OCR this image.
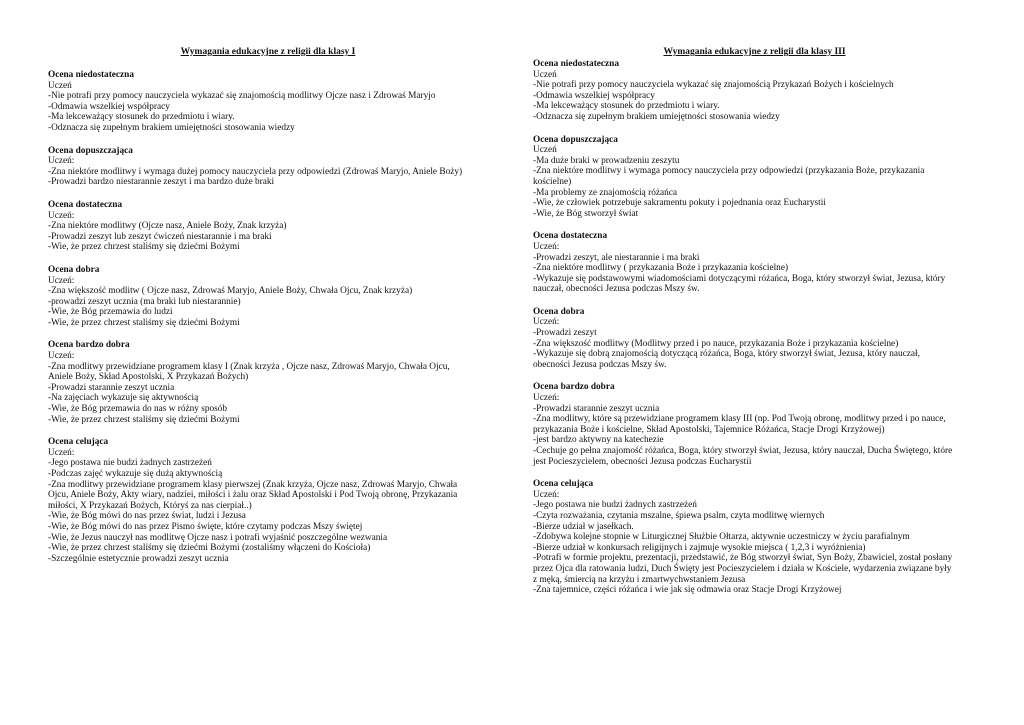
Wymagania edukacyjne z religii dla klasy I
Ocena niedostateczna
Uczeń
-Nie potrafi przy pomocy nauczyciela wykazać się znajomością modlitwy Ojcze nasz i Zdrowaś Maryjo
-Odmawia wszelkiej współpracy
-Ma lekceważący stosunek do przedmiotu i wiary.
-Odznacza się zupełnym brakiem umiejętności stosowania wiedzy
Ocena dopuszczająca
Uczeń:
-Zna niektóre modlitwy i wymaga dużej pomocy nauczyciela przy odpowiedzi (Zdrowaś Maryjo, Aniele Boży)
-Prowadzi bardzo niestarannie zeszyt i ma bardzo duże braki
Ocena dostateczna
Uczeń:
-Zna niektóre modlitwy (Ojcze nasz, Aniele Boży, Znak krzyża)
-Prowadzi zeszyt lub zeszyt ćwiczeń niestarannie i ma braki
-Wie, że przez chrzest staliśmy się dziećmi Bożymi
Ocena dobra
Uczeń:
-Zna większość modlitw ( Ojcze nasz, Zdrowaś Maryjo, Aniele Boży, Chwała Ojcu, Znak krzyża)
-prowadzi zeszyt ucznia (ma braki lub niestarannie)
-Wie, że Bóg przemawia do ludzi
-Wie, że przez chrzest staliśmy się dziećmi Bożymi
Ocena bardzo dobra
Uczeń:
-Zna modlitwy przewidziane programem klasy I (Znak krzyża , Ojcze nasz, Zdrowaś Maryjo, Chwała Ojcu,
Aniele Boży, Skład Apostolski, X Przykazań Bożych)
-Prowadzi starannie zeszyt ucznia
-Na zajęciach wykazuje się aktywnością
-Wie, że Bóg przemawia do nas w różny sposób
-Wie, że przez chrzest staliśmy się dziećmi Bożymi
Ocena celująca
Uczeń:
-Jego postawa nie budzi żadnych zastrzeżeń
-Podczas zajęć wykazuje się dużą aktywnością
-Zna modlitwy przewidziane programem klasy pierwszej (Znak krzyża, Ojcze nasz, Zdrowaś Maryjo, Chwała
Ojcu, Aniele Boży, Akty wiary, nadziei, miłości i żalu oraz Skład Apostolski i Pod Twoją obronę, Przykazania
miłości, X Przykazań Bożych, Któryś za nas cierpiał..)
-Wie, że Bóg mówi do nas przez świat, ludzi i Jezusa
-Wie, że Bóg mówi do nas przez Pismo święte, które czytamy podczas Mszy świętej
-Wie, że Jezus nauczył nas modlitwę Ojcze nasz i potrafi wyjaśnić poszczególne wezwania
-Wie, że przez chrzest staliśmy się dziećmi Bożymi (zostaliśmy włączeni do Kościoła)
-Szczególnie estetycznie prowadzi zeszyt ucznia
Wymagania edukacyjne z religii dla klasy III
Ocena niedostateczna
Uczeń
-Nie potrafi przy pomocy nauczyciela wykazać się znajomością Przykazań Bożych i kościelnych
-Odmawia wszelkiej współpracy
-Ma lekceważący stosunek do przedmiotu i wiary.
-Odznacza się zupełnym brakiem umiejętności stosowania wiedzy
Ocena dopuszczająca
Uczeń
-Ma duże braki w prowadzeniu zeszytu
-Zna niektóre modlitwy i wymaga pomocy nauczyciela przy odpowiedzi (przykazania Boże, przykazania
kościelne)
-Ma problemy ze znajomością różańca
-Wie, że człowiek potrzebuje sakramentu pokuty i pojednania oraz Eucharystii
-Wie, że Bóg stworzył świat
Ocena dostateczna
Uczeń:
-Prowadzi zeszyt, ale niestarannie i ma braki
-Zna niektóre modlitwy ( przykazania Boże i przykazania kościelne)
-Wykazuje się podstawowymi wiadomościami dotyczącymi różańca, Boga, który stworzył świat, Jezusa, który
nauczał, obecności Jezusa podczas Mszy św.
Ocena dobra
Uczeń:
-Prowadzi zeszyt
-Zna większość modlitwy (Modlitwy przed i po nauce, przykazania Boże i przykazania kościelne)
-Wykazuje się dobrą znajomością dotyczącą różańca, Boga, który stworzył świat, Jezusa, który nauczał,
obecności Jezusa podczas Mszy św.
Ocena bardzo dobra
Uczeń:
-Prowadzi starannie zeszyt ucznia
-Zna modlitwy, które są przewidziane programem klasy III (np. Pod Twoją obronę, modlitwy przed i po nauce,
przykazania Boże i kościelne, Skład Apostolski, Tajemnice Różańca, Stacje Drogi Krzyżowej)
-jest bardzo aktywny na katechezie
-Cechuje go pełna znajomość różańca, Boga, który stworzył świat, Jezusa, który nauczał, Ducha Świętego, które
jest Pocieszycielem, obecności Jezusa podczas Eucharystii
Ocena celująca
Uczeń:
-Jego postawa nie budzi żadnych zastrzeżeń
-Czyta rozważania, czytania mszalne, śpiewa psalm, czyta modlitwę wiernych
-Bierze udział w jasełkach.
-Zdobywa kolejne stopnie w Liturgicznej Służbie Ołtarza, aktywnie uczestniczy w życiu parafialnym
-Bierze udział w konkursach religijnych i zajmuje wysokie miejsca ( 1,2,3 i wyróżnienia)
-Potrafi w formie projektu, prezentacji, przedstawić, że Bóg stworzył świat, Syn Boży, Zbawiciel, został posłany
przez Ojca dla ratowania ludzi, Duch Święty jest Pocieszycielem i działa w Kościele, wydarzenia związane były
z męką, śmiercią na krzyżu i zmartwychwstaniem Jezusa
-Zna tajemnice, części różańca i wie jak się odmawia oraz Stacje Drogi Krzyżowej
